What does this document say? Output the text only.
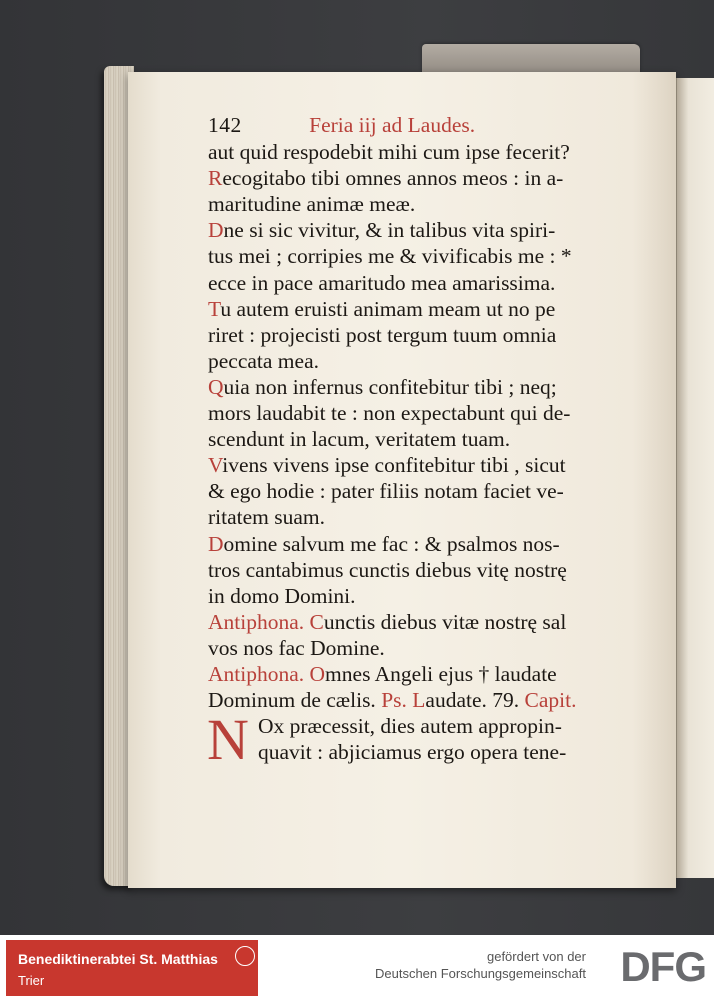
142	Feria iij ad Laudes.
aut quid respodebit mihi cum ipse fecerit?
Recogitabo tibi omnes annos meos : in a-
maritudine animæ meæ.
Dne si sic vivitur, & in talibus vita spiri-
tus mei ; corripies me & vivificabis me : *
ecce in pace amaritudo mea amarissima.
Tu autem eruisti animam meam ut no pe
riret : projecisti post tergum tuum omnia
peccata mea.
Quia non infernus confitebitur tibi ; neq;
mors laudabit te : non expectabunt qui de-
scendunt in lacum, veritatem tuam.
Vivens vivens ipse confitebitur tibi , sicut
& ego hodie : pater filiis notam faciet ve-
ritatem suam.
Domine salvum me fac : & psalmos nos-
tros cantabimus cunctis diebus vitę nostrę
in domo Domini.
Antiphona. Cunctis diebus vitæ nostrę sal
vos nos fac Domine.
Antiphona. Omnes Angeli ejus † laudate
Dominum de cælis. Ps. Laudate. 79. Capit.
N Ox præcessit, dies autem appropin-
quavit : abjiciamus ergo opera tene-
Benediktinerabtei St. Matthias
Trier
gefördert von der
Deutschen Forschungsgemeinschaft DFG
